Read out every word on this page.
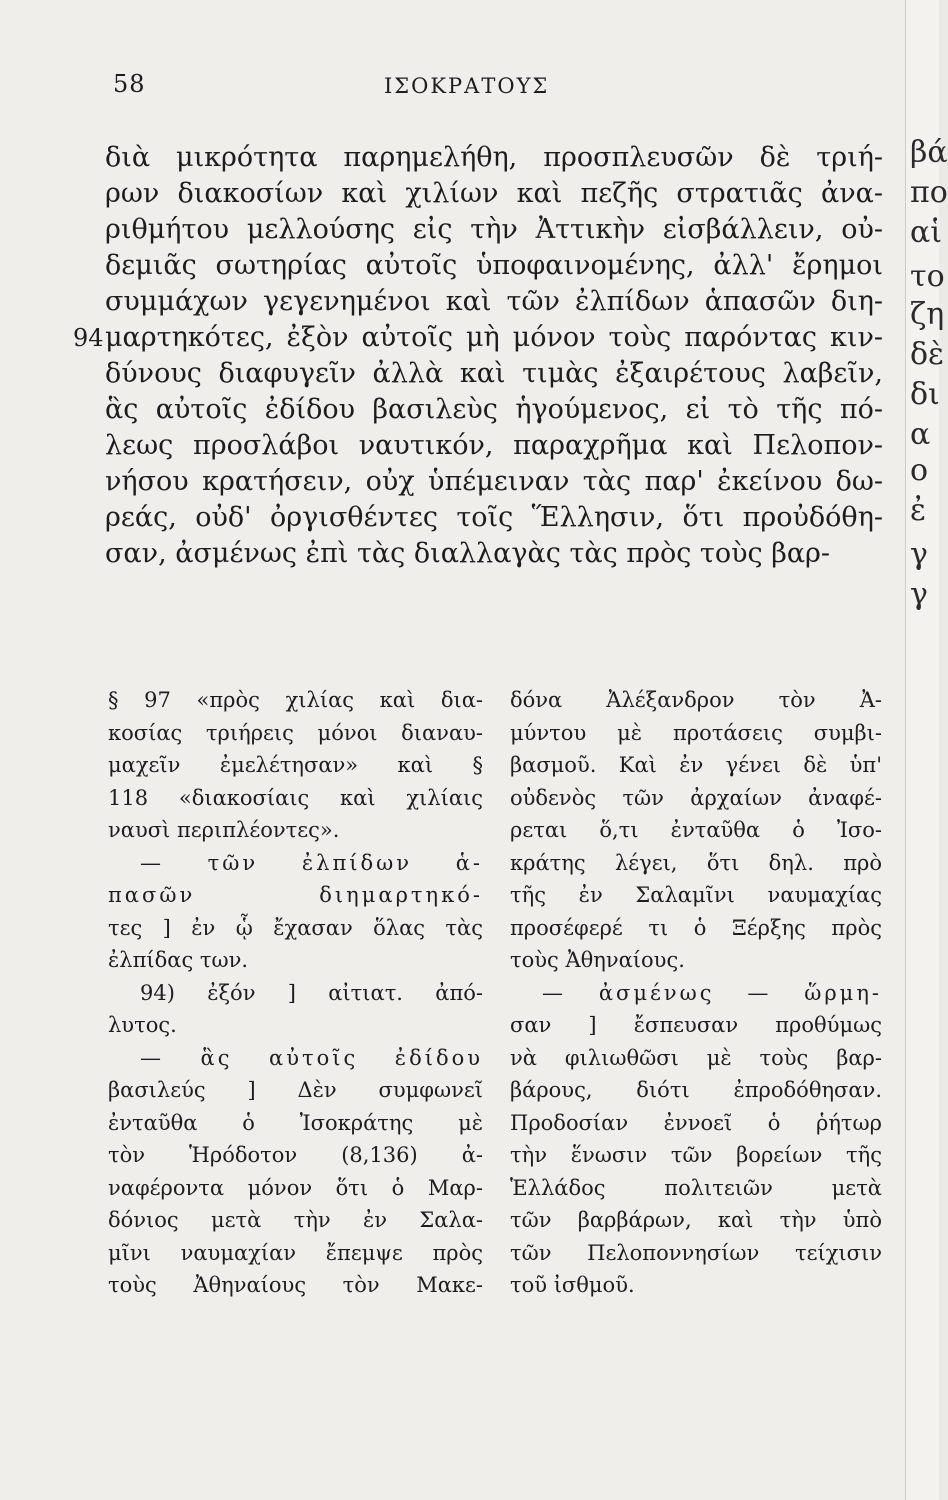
58	ΙΣΟΚΡΑΤΟΥΣ
διὰ μικρότητα παρημελήθη, προσπλευσῶν δὲ τριή-
ρων διακοσίων καὶ χιλίων καὶ πεζῆς στρατιᾶς ἀνα-
ριθμήτου μελλούσης εἰς τὴν Ἀττικὴν εἰσβάλλειν, οὐ-
δεμιᾶς σωτηρίας αὐτοῖς ὑποφαινομένης, ἀλλ' ἔρημοι
συμμάχων γεγενημένοι καὶ τῶν ἐλπίδων ἁπασῶν διη-
94 μαρτηκότες, ἐξὸν αὐτοῖς μὴ μόνον τοὺς παρόντας κιν-
δύνους διαφυγεῖν ἀλλὰ καὶ τιμὰς ἐξαιρέτους λαβεῖν,
ἃς αὐτοῖς ἐδίδου βασιλεὺς ἡγούμενος, εἰ τὸ τῆς πό-
λεως προσλάβοι ναυτικόν, παραχρῆμα καὶ Πελοπον-
νήσου κρατήσειν, οὐχ ὑπέμειναν τὰς παρ' ἐκείνου δω-
ρεάς, οὐδ' ὀργισθέντες τοῖς Ἕλλησιν, ὅτι προὐδόθη-
σαν, ἀσμένως ἐπὶ τὰς διαλλαγὰς τὰς πρὸς τοὺς βαρ-
§ 97 «πρὸς χιλίας καὶ δια-
κοσίας τριήρεις μόνοι διαναυ-
μαχεῖν ἐμελέτησαν» καὶ §
118 «διακοσίαις καὶ χιλίαις
ναυσὶ περιπλέοντες».
— τῶν ἐλπίδων ἁ-
πασῶν διημαρτηκό-
τες ] ἐν ᾧ ἔχασαν ὅλας τὰς
ἐλπίδας των.
94) ἐξόν ] αἰτιατ. ἀπό-
λυτος.
— ἃς αὐτοῖς ἐδίδου
βασιλεύς ] Δὲν συμφωνεῖ
ἐνταῦθα ὁ Ἰσοκράτης μὲ
τὸν Ἡρόδοτον (8,136) ἀ-
ναφέροντα μόνον ὅτι ὁ Μαρ-
δόνιος μετὰ τὴν ἐν Σαλα-
μῖνι ναυμαχίαν ἔπεμψε πρὸς
τοὺς Ἀθηναίους τὸν Μακε-
δόνα Ἀλέξανδρον τὸν Ἀ-
μύντου μὲ προτάσεις συμβι-
βασμοῦ. Καὶ ἐν γένει δὲ ὑπ'
οὐδενὸς τῶν ἀρχαίων ἀναφέ-
ρεται ὅ,τι ἐνταῦθα ὁ Ἰσο-
κράτης λέγει, ὅτι δηλ. πρὸ
τῆς ἐν Σαλαμῖνι ναυμαχίας
προσέφερέ τι ὁ Ξέρξης πρὸς
τοὺς Ἀθηναίους.
— ἀσμένως — ὥρμη-
σαν ] ἔσπευσαν προθύμως
νὰ φιλιωθῶσι μὲ τοὺς βαρ-
βάρους, διότι ἐπροδόθησαν.
Προδοσίαν ἐννοεῖ ὁ ῥήτωρ
τὴν ἕνωσιν τῶν βορείων τῆς
Ἑλλάδος πολιτειῶν μετὰ
τῶν βαρβάρων, καὶ τὴν ὑπὸ
τῶν Πελοποννησίων τείχισιν
τοῦ ἰσθμοῦ.
βά
πο
αἱ
το
ζη
δὲ
δι
α
ο
ἐ
γ
γ
